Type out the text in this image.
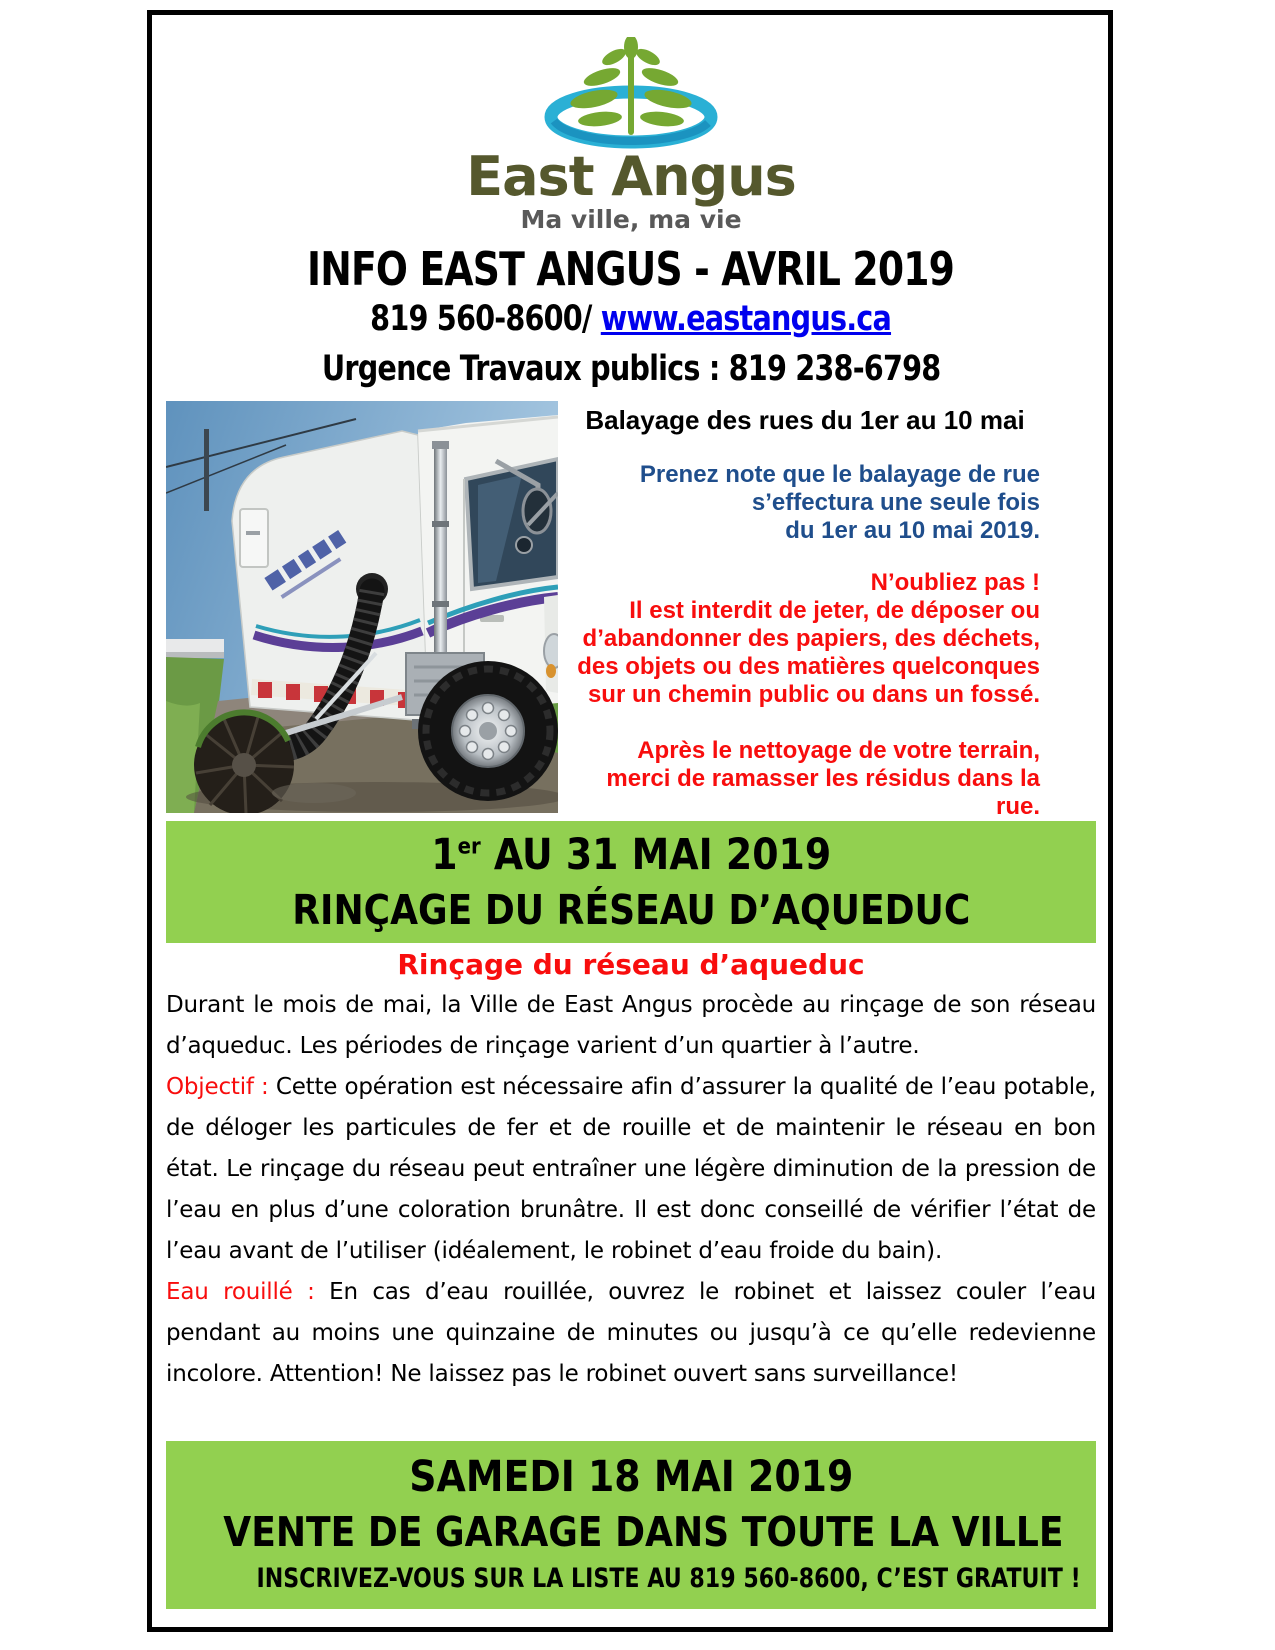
East Angus
Ma ville, ma vie
INFO EAST ANGUS - AVRIL 2019
819 560-8600/ www.eastangus.ca
Urgence Travaux publics : 819 238-6798
Balayage des rues du 1er au 10 mai
Prenez note que le balayage de rue
s’effectura une seule fois
du 1er au 10 mai 2019.
N’oubliez pas !
Il est interdit de jeter, de déposer ou
d’abandonner des papiers, des déchets,
des objets ou des matières quelconques
sur un chemin public ou dans un fossé.
Après le nettoyage de votre terrain,
merci de ramasser les résidus dans la rue.
1er AU 31 MAI 2019
RINÇAGE DU RÉSEAU D’AQUEDUC
Rinçage du réseau d’aqueduc

Durant le mois de mai, la Ville de East Angus procède au rinçage de son réseau d’aqueduc. Les périodes de rinçage varient d’un quartier à l’autre.

Objectif : Cette opération est nécessaire afin d’assurer la qualité de l’eau potable, de déloger les particules de fer et de rouille et de maintenir le réseau en bon état. Le rinçage du réseau peut entraîner une légère diminution de la pression de l’eau en plus d’une coloration brunâtre. Il est donc conseillé de vérifier l’état de l’eau avant de l’utiliser (idéalement, le robinet d’eau froide du bain).

Eau rouillé : En cas d’eau rouillée, ouvrez le robinet et laissez couler l’eau pendant au moins une quinzaine de minutes ou jusqu’à ce qu’elle redevienne incolore. Attention! Ne laissez pas le robinet ouvert sans surveillance!

SAMEDI 18 MAI 2019
VENTE DE GARAGE DANS TOUTE LA VILLE
INSCRIVEZ-VOUS SUR LA LISTE AU 819 560-8600, C’EST GRATUIT !
